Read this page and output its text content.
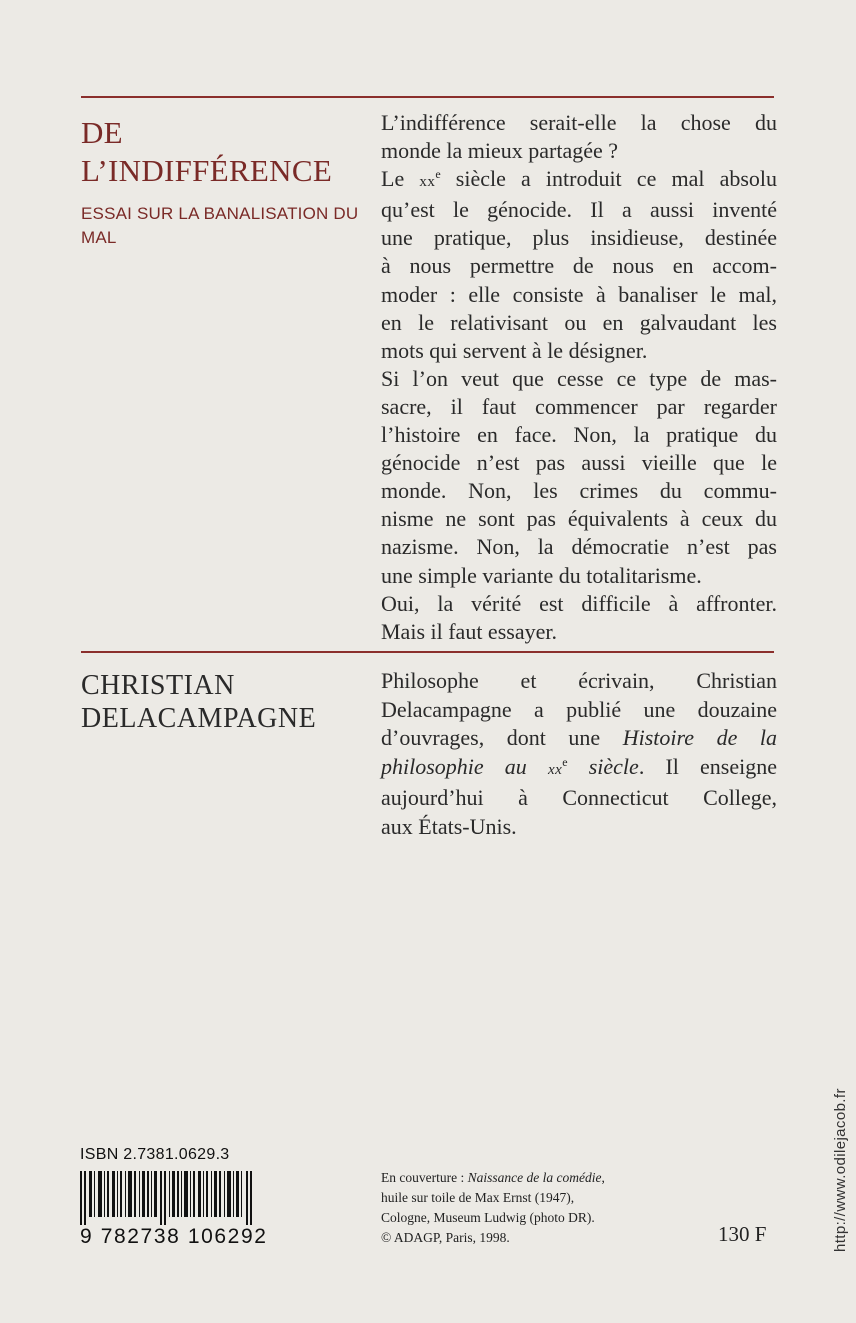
DE
L’INDIFFÉRENCE
ESSAI SUR LA BANALISATION DU MAL
L’indifférence serait-elle la chose du
monde la mieux partagée ?
Le $xx^e$ siècle a introduit ce mal absolu
qu’est le génocide. Il a aussi inventé
une pratique, plus insidieuse, destinée
à nous permettre de nous en accom-
moder : elle consiste à banaliser le mal,
en le relativisant ou en galvaudant les
mots qui servent à le désigner.
Si l’on veut que cesse ce type de mas-
sacre, il faut commencer par regarder
l’histoire en face. Non, la pratique du
génocide n’est pas aussi vieille que le
monde. Non, les crimes du commu-
nisme ne sont pas équivalents à ceux du
nazisme. Non, la démocratie n’est pas
une simple variante du totalitarisme.
Oui, la vérité est difficile à affronter.
Mais il faut essayer.
CHRISTIAN
DELACAMPAGNE
Philosophe et écrivain, Christian
Delacampagne a publié une douzaine
d’ouvrages, dont une Histoire de la
philosophie au $xx^e$ siècle. Il enseigne
aujourd’hui à Connecticut College,
aux États-Unis.
ISBN 2.7381.0629.3
9 782738 106292
En couverture : Naissance de la comédie,
huile sur toile de Max Ernst (1947),
Cologne, Museum Ludwig (photo DR).
© ADAGP, Paris, 1998.	130 F	http://www.odilejacob.fr
